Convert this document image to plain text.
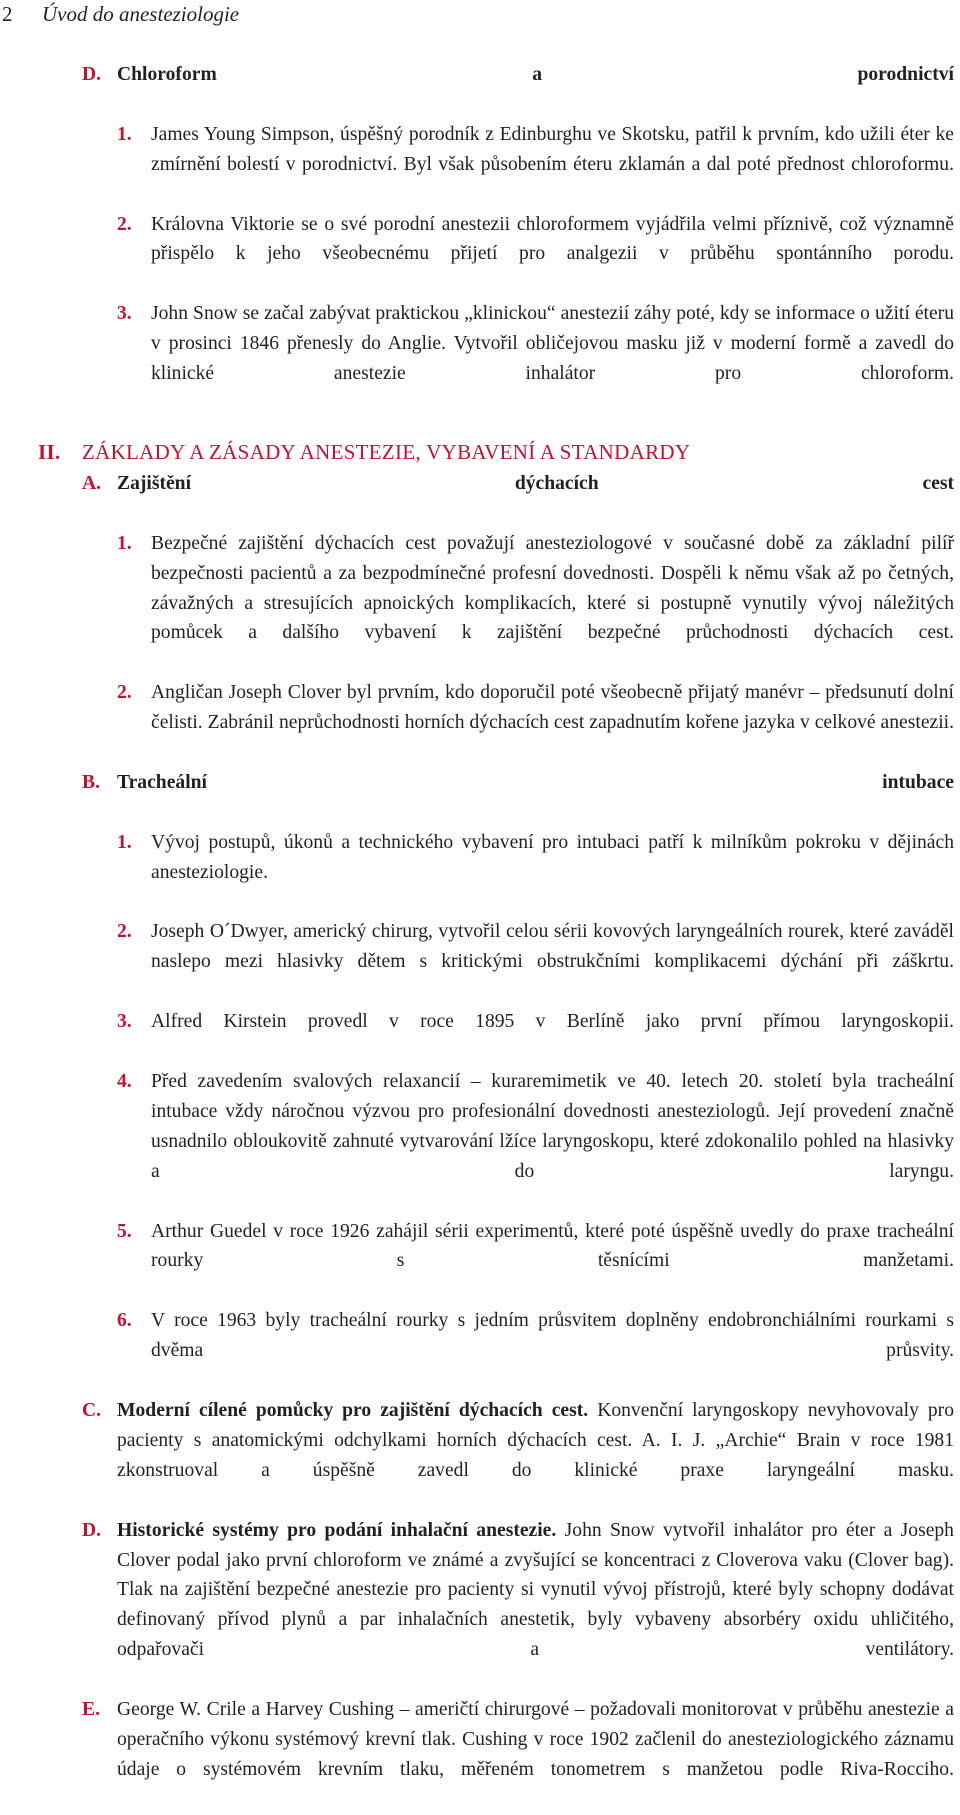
2 Úvod do anesteziologie
D. Chloroform a porodnictví
1. James Young Simpson, úspěšný porodník z Edinburghu ve Skotsku, patřil k prvním, kdo užili éter ke zmírnění bolestí v porodnictví. Byl však působením éteru zklamán a dal poté přednost chloroformu.
2. Královna Viktorie se o své porodní anestezii chloroformem vyjádřila velmi příznivě, což významně přispělo k jeho všeobecnému přijetí pro analgezii v průběhu spontánního porodu.
3. John Snow se začal zabývat praktickou „klinickou“ anestezií záhy poté, kdy se informace o užití éteru v prosinci 1846 přenesly do Anglie. Vytvořil obličejovou masku již v moderní formě a zavedl do klinické anestezie inhalátor pro chloroform.
II. ZÁKLADY A ZÁSADY ANESTEZIE, VYBAVENÍ A STANDARDY
A. Zajištění dýchacích cest
1. Bezpečné zajištění dýchacích cest považují anesteziologové v současné době za základní pilíř bezpečnosti pacientů a za bezpodmínečné profesní dovednosti. Dospěli k němu však až po četných, závažných a stresujících apnoických komplikacích, které si postupně vynutily vývoj náležitých pomůcek a dalšího vybavení k zajištění bezpečné průchodnosti dýchacích cest.
2. Angličan Joseph Clover byl prvním, kdo doporučil poté všeobecně přijatý manévr – předsunutí dolní čelisti. Zabránil neprůchodnosti horních dýchacích cest zapadnutím kořene jazyka v celkové anestezii.
B. Tracheální intubace
1. Vývoj postupů, úkonů a technického vybavení pro intubaci patří k milníkům pokroku v dějinách anesteziologie.
2. Joseph O´Dwyer, americký chirurg, vytvořil celou sérii kovových laryngeálních rourek, které zaváděl naslepo mezi hlasivky dětem s kritickými obstrukčními komplikacemi dýchání při záškrtu.
3. Alfred Kirstein provedl v roce 1895 v Berlíně jako první přímou laryngoskopii.
4. Před zavedením svalových relaxancií – kuraremimetik ve 40. letech 20. století byla tracheální intubace vždy náročnou výzvou pro profesionální dovednosti anesteziologů. Její provedení značně usnadnilo obloukovitě zahnuté vytvarování lžíce laryngoskopu, které zdokonalilo pohled na hlasivky a do laryngu.
5. Arthur Guedel v roce 1926 zahájil sérii experimentů, které poté úspěšně uvedly do praxe tracheální rourky s těsnícími manžetami.
6. V roce 1963 byly tracheální rourky s jedním průsvitem doplněny endobronchiálními rourkami s dvěma průsvity.
C. Moderní cílené pomůcky pro zajištění dýchacích cest. Konvenční laryngoskopy nevyhovovaly pro pacienty s anatomickými odchylkami horních dýchacích cest. A. I. J. „Archie“ Brain v roce 1981 zkonstruoval a úspěšně zavedl do klinické praxe laryngeální masku.
D. Historické systémy pro podání inhalační anestezie. John Snow vytvořil inhalátor pro éter a Joseph Clover podal jako první chloroform ve známé a zvyšující se koncentraci z Cloverova vaku (Clover bag). Tlak na zajištění bezpečné anestezie pro pacienty si vynutil vývoj přístrojů, které byly schopny dodávat definovaný přívod plynů a par inhalačních anestetik, byly vybaveny absorbéry oxidu uhličitého, odpařovači a ventilátory.
E. George W. Crile a Harvey Cushing – američtí chirurgové – požadovali monitorovat v průběhu anestezie a operačního výkonu systémový krevní tlak. Cushing v roce 1902 začlenil do anesteziologického záznamu údaje o systémovém krevním tlaku, měřeném tonometrem s manžetou podle Riva-Rocciho.
